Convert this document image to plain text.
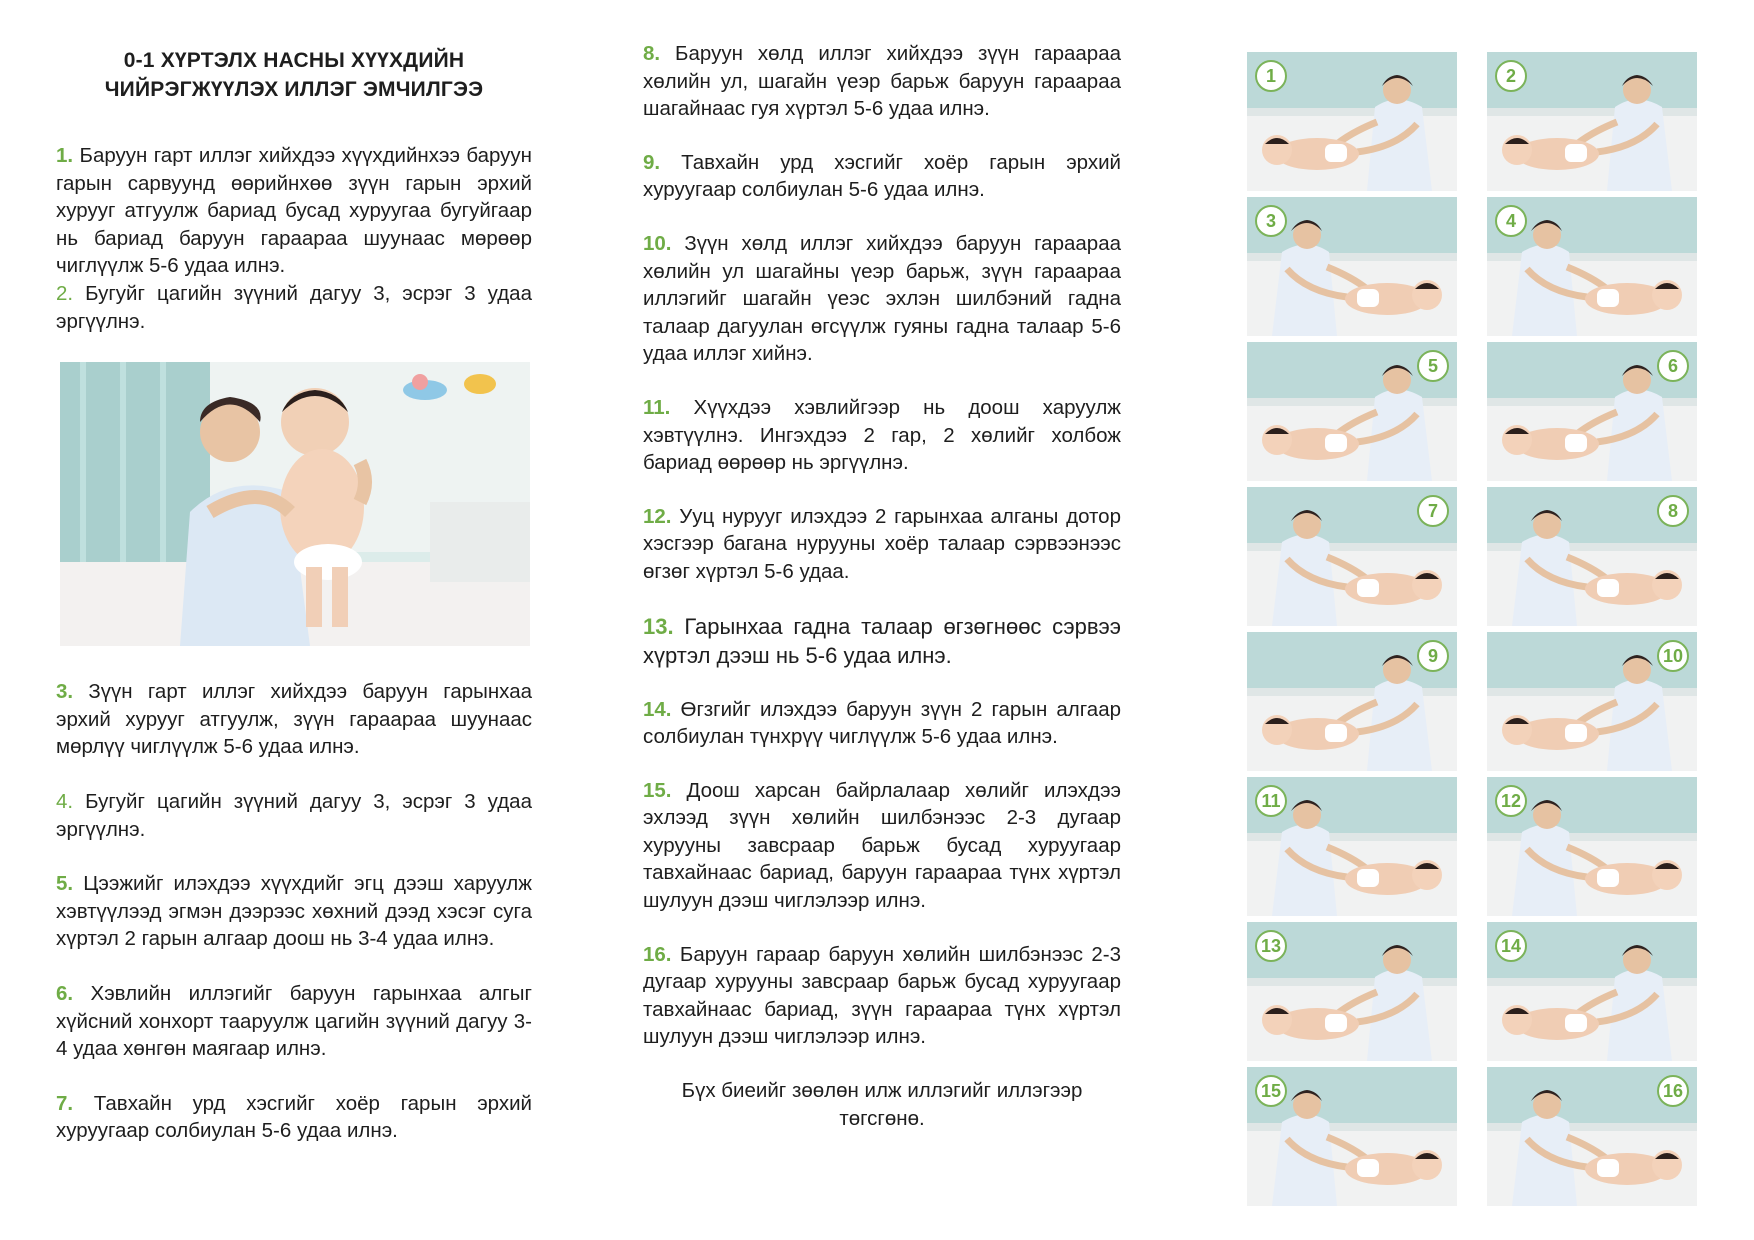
0-1 ХҮРТЭЛХ НАСНЫ ХҮҮХДИЙН
ЧИЙРЭГЖҮҮЛЭХ ИЛЛЭГ ЭМЧИЛГЭЭ

1. Баруун гарт иллэг хийхдээ хүүхдийнхээ баруун гарын сарвуунд өөрийнхөө зүүн гарын эрхий хурууг атгуулж бариад бусад хуруугаа бугуйгаар нь бариад баруун гараараа шуунаас мөрөөр чиглүүлж 5-6 удаа илнэ.

2. Бугуйг цагийн зүүний дагуу 3, эсрэг 3 удаа эргүүлнэ.

3. Зүүн гарт иллэг хийхдээ баруун гарынхаа эрхий хурууг атгуулж, зүүн гараараа шуунаас мөрлүү чиглүүлж 5-6 удаа илнэ.

4. Бугуйг цагийн зүүний дагуу 3, эсрэг 3 удаа эргүүлнэ.

5. Цээжийг илэхдээ хүүхдийг эгц дээш харуулж хэвтүүлээд эгмэн дээрээс хөхний дээд хэсэг суга хүртэл 2 гарын алгаар доош нь 3-4 удаа илнэ.

6. Хэвлийн иллэгийг баруун гарынхаа алгыг хүйсний хонхорт тааруулж цагийн зүүний дагуу 3-4 удаа хөнгөн маягаар илнэ.

7. Тавхайн урд хэсгийг хоёр гарын эрхий хуруугаар солбиулан 5-6 удаа илнэ.

8. Баруун хөлд иллэг хийхдээ зүүн гараараа хөлийн ул, шагайн үеэр барьж баруун гараараа шагайнаас гуя хүртэл 5-6 удаа илнэ.

9. Тавхайн урд хэсгийг хоёр гарын эрхий хуруугаар солбиулан 5-6 удаа илнэ.

10. Зүүн хөлд иллэг хийхдээ баруун гараараа хөлийн ул шагайны үеэр барьж, зүүн гараараа иллэгийг шагайн үеэс эхлэн шилбэний гадна талаар дагуулан өгсүүлж гуяны гадна талаар 5-6 удаа иллэг хийнэ.

11. Хүүхдээ хэвлийгээр нь доош харуулж хэвтүүлнэ. Ингэхдээ 2 гар, 2 хөлийг холбож бариад өөрөөр нь эргүүлнэ.

12. Ууц нурууг илэхдээ 2 гарынхаа алганы дотор хэсгээр багана нурууны хоёр талаар сэрвээнээс өгзөг хүртэл 5-6 удаа.

13. Гарынхаа гадна талаар өгзөгнөөс сэрвээ хүртэл дээш нь 5-6 удаа илнэ.

14. Өгзгийг илэхдээ баруун зүүн 2 гарын алгаар солбиулан түнхрүү чиглүүлж 5-6 удаа илнэ.

15. Доош харсан байрлалаар хөлийг илэхдээ эхлээд зүүн хөлийн шилбэнээс 2-3 дугаар хурууны завсраар барьж бусад хуруугаар тавхайнаас бариад, баруун гараараа түнх хүртэл шулуун дээш чиглэлээр илнэ.

16. Баруун гараар баруун хөлийн шилбэнээс 2-3 дугаар хурууны завсраар барьж бусад хуруугаар тавхайнаас бариад, зүүн гараараа түнх хүртэл шулуун дээш чиглэлээр илнэ.

Бүх биеийг зөөлөн илж иллэгийг иллэгээр
төгсгөнө.
1	2
3	4
5	6
7	8
9	10
11	12
13	14
15	16
